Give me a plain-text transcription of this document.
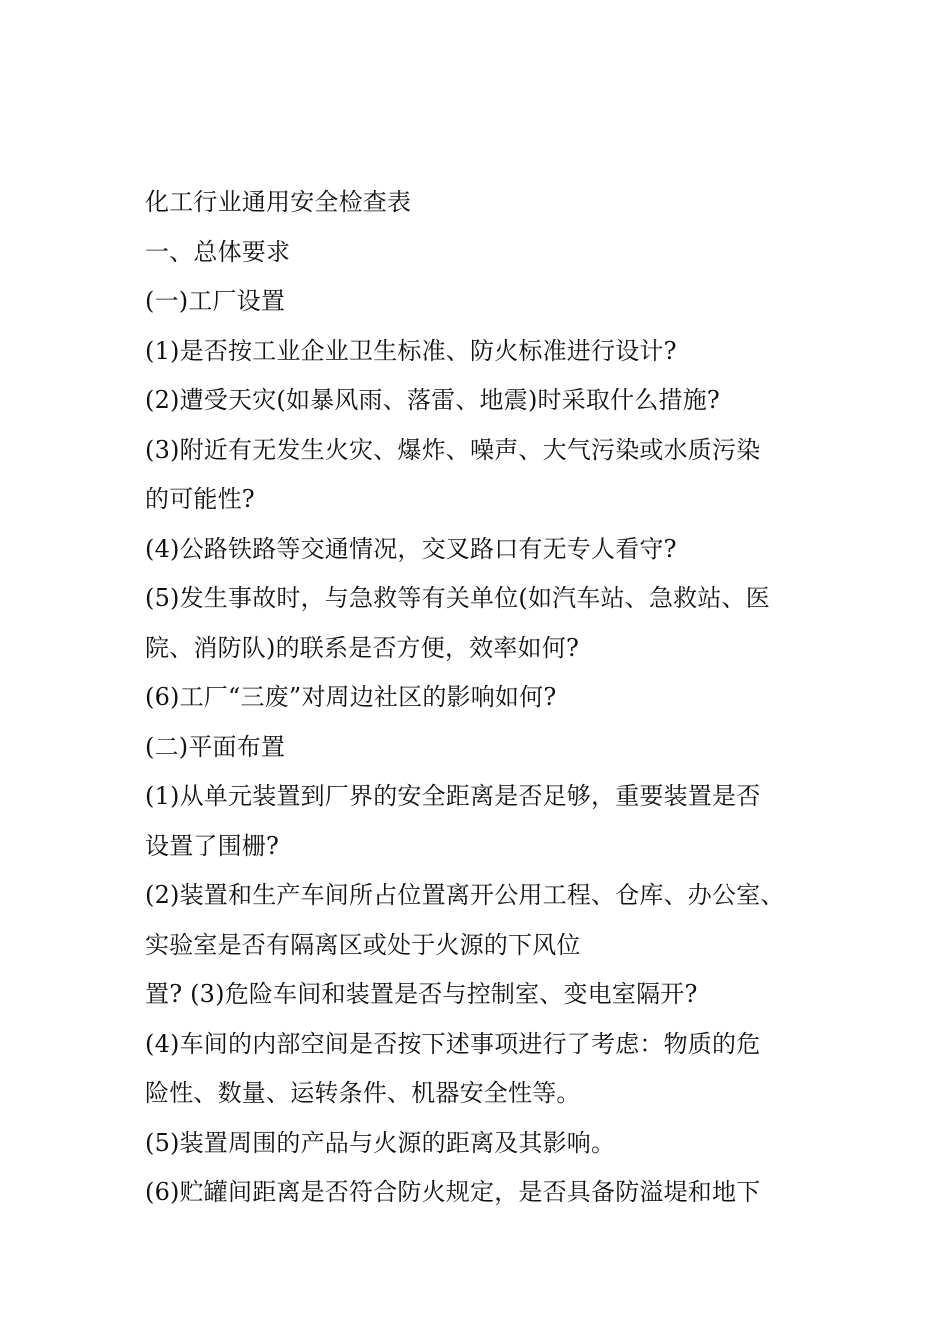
化工行业通用安全检查表
一、总体要求
(一)工厂设置
(1)是否按工业企业卫生标准、防火标准进行设计?
(2)遭受天灾(如暴风雨、落雷、地震)时采取什么措施?
(3)附近有无发生火灾、爆炸、噪声、大气污染或水质污染
的可能性?
(4)公路铁路等交通情况，交叉路口有无专人看守?
(5)发生事故时，与急救等有关单位(如汽车站、急救站、医
院、消防队)的联系是否方便，效率如何?
(6)工厂“三废”对周边社区的影响如何?
(二)平面布置
(1)从单元装置到厂界的安全距离是否足够，重要装置是否
设置了围栅?
(2)装置和生产车间所占位置离开公用工程、仓库、办公室、
实验室是否有隔离区或处于火源的下风位
置? (3)危险车间和装置是否与控制室、变电室隔开?
(4)车间的内部空间是否按下述事项进行了考虑：物质的危
险性、数量、运转条件、机器安全性等。
(5)装置周围的产品与火源的距离及其影响。
(6)贮罐间距离是否符合防火规定，是否具备防溢堤和地下
